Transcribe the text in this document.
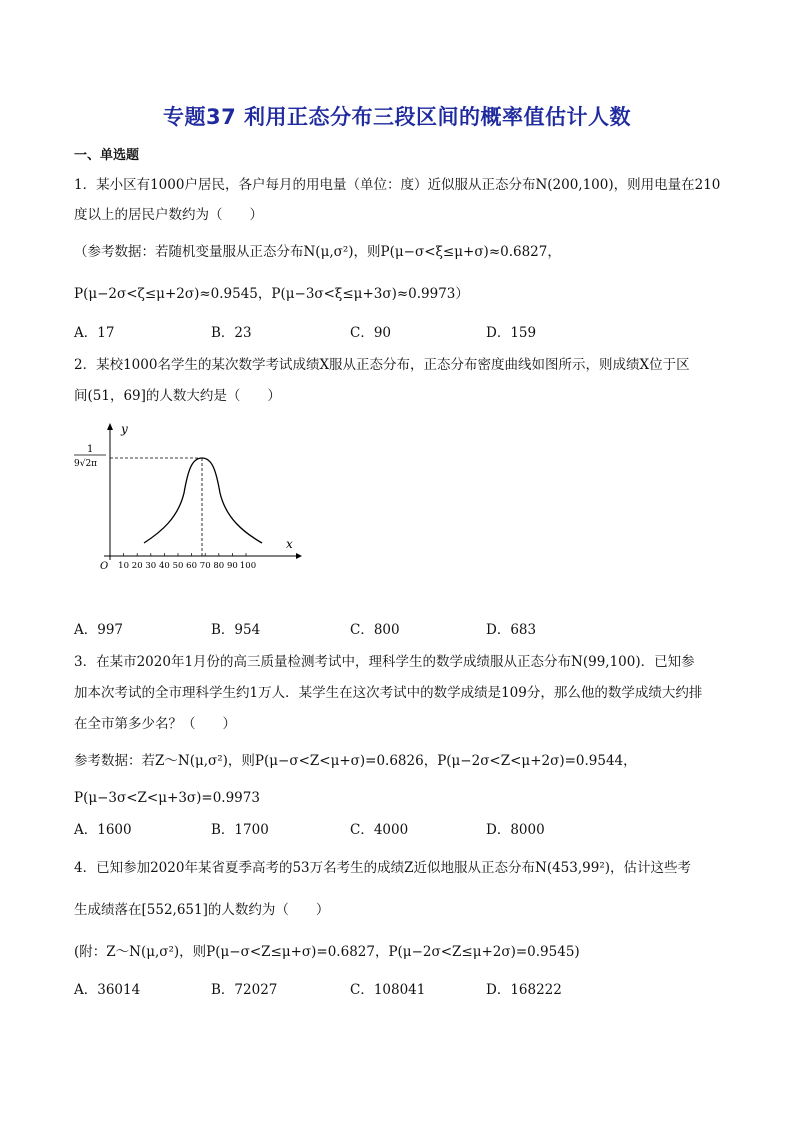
专题37 利用正态分布三段区间的概率值估计人数
一、单选题
1．某小区有1000户居民，各户每月的用电量（单位：度）近似服从正态分布N(200,100)，则用电量在210
度以上的居民户数约为（　　）
（参考数据：若随机变量服从正态分布N(μ,σ²)，则P(μ−σ<ξ≤μ+σ)≈0.6827，
P(μ−2σ<ζ≤μ+2σ)≈0.9545，P(μ−3σ<ξ≤μ+3σ)≈0.9973）
A．17	B．23	C．90	D．159
2．某校1000名学生的某次数学考试成绩X服从正态分布，正态分布密度曲线如图所示，则成绩X位于区
间(51，69]的人数大约是（　　）
y
x
O
1
9√2π
10 20 30 40 50 60 70 80 90 100
A．997	B．954	C．800	D．683
3．在某市2020年1月份的高三质量检测考试中，理科学生的数学成绩服从正态分布N(99,100)．已知参
加本次考试的全市理科学生约1万人．某学生在这次考试中的数学成绩是109分，那么他的数学成绩大约排
在全市第多少名？（　　）
参考数据：若Z～N(μ,σ²)，则P(μ−σ<Z<μ+σ)=0.6826，P(μ−2σ<Z<μ+2σ)=0.9544，
P(μ−3σ<Z<μ+3σ)=0.9973
A．1600	B．1700	C．4000	D．8000
4．已知参加2020年某省夏季高考的53万名考生的成绩Z近似地服从正态分布N(453,99²)，估计这些考
生成绩落在[552,651]的人数约为（　　）
(附：Z～N(μ,σ²)，则P(μ−σ<Z≤μ+σ)=0.6827，P(μ−2σ<Z≤μ+2σ)=0.9545)
A．36014	B．72027	C．108041	D．168222
